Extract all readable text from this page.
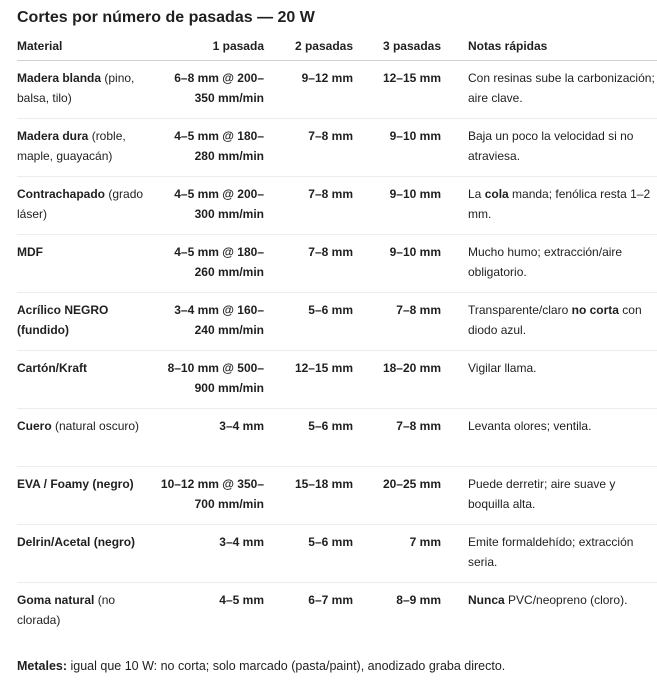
Cortes por número de pasadas — 20 W
Material	1 pasada	2 pasadas	3 pasadas	Notas rápidas
Madera blanda (pino, balsa, tilo)	6–8 mm @ 200–350 mm/min	9–12 mm	12–15 mm	Con resinas sube la carbonización; aire clave.
Madera dura (roble, maple, guayacán)	4–5 mm @ 180–280 mm/min	7–8 mm	9–10 mm	Baja un poco la velocidad si no atraviesa.
Contrachapado (grado láser)	4–5 mm @ 200–300 mm/min	7–8 mm	9–10 mm	La cola manda; fenólica resta 1–2 mm.
MDF	4–5 mm @ 180–260 mm/min	7–8 mm	9–10 mm	Mucho humo; extracción/aire obligatorio.
Acrílico NEGRO (fundido)	3–4 mm @ 160–240 mm/min	5–6 mm	7–8 mm	Transparente/claro no corta con diodo azul.
Cartón/Kraft	8–10 mm @ 500–900 mm/min	12–15 mm	18–20 mm	Vigilar llama.
Cuero (natural oscuro)	3–4 mm	5–6 mm	7–8 mm	Levanta olores; ventila.
EVA / Foamy (negro)	10–12 mm @ 350–700 mm/min	15–18 mm	20–25 mm	Puede derretir; aire suave y boquilla alta.
Delrin/Acetal (negro)	3–4 mm	5–6 mm	7 mm	Emite formaldehído; extracción seria.
Goma natural (no clorada)	4–5 mm	6–7 mm	8–9 mm	Nunca PVC/neopreno (cloro).

Metales: igual que 10 W: no corta; solo marcado (pasta/paint), anodizado graba directo.
